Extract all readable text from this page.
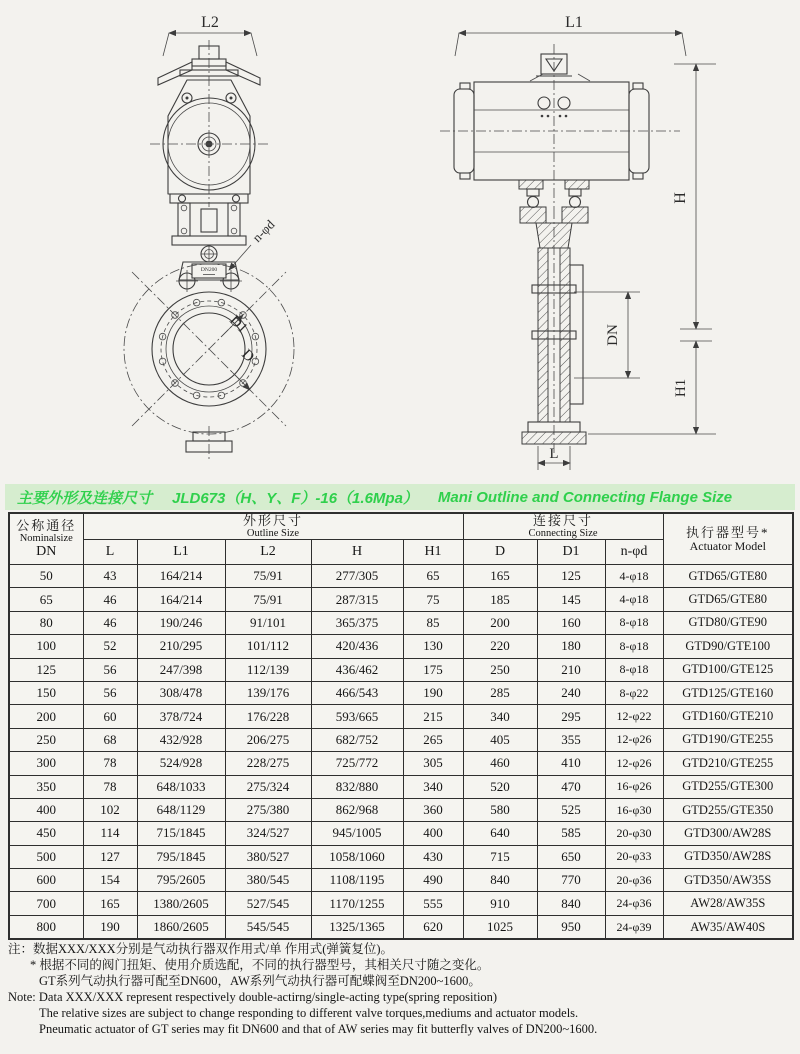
L2
DN200
D1
D
n-φd
L1
DN
H
H1
L
主要外形及连接尺寸 JLD673（H、Y、F）-16（1.6Mpa） Mani Outline and Connecting Flange Size
公称通径
Nominalsize
DN

外形尺寸
Outline Size

连接尺寸
Connecting Size	执行器型号*
Actuator Model

	L	L1	L2	H	H1	D	D1	n-φd	
50	43	164/214	75/91	277/305	65	165	125	4-φ18	GTD65/GTE80
65	46	164/214	75/91	287/315	75	185	145	4-φ18	GTD65/GTE80
80	46	190/246	91/101	365/375	85	200	160	8-φ18	GTD80/GTE90
100	52	210/295	101/112	420/436	130	220	180	8-φ18	GTD90/GTE100
125	56	247/398	112/139	436/462	175	250	210	8-φ18	GTD100/GTE125
150	56	308/478	139/176	466/543	190	285	240	8-φ22	GTD125/GTE160
200	60	378/724	176/228	593/665	215	340	295	12-φ22	GTD160/GTE210
250	68	432/928	206/275	682/752	265	405	355	12-φ26	GTD190/GTE255
300	78	524/928	228/275	725/772	305	460	410	12-φ26	GTD210/GTE255
350	78	648/1033	275/324	832/880	340	520	470	16-φ26	GTD255/GTE300
400	102	648/1129	275/380	862/968	360	580	525	16-φ30	GTD255/GTE350
450	114	715/1845	324/527	945/1005	400	640	585	20-φ30	GTD300/AW28S
500	127	795/1845	380/527	1058/1060	430	715	650	20-φ33	GTD350/AW28S
600	154	795/2605	380/545	1108/1195	490	840	770	20-φ36	GTD350/AW35S
700	165	1380/2605	527/545	1170/1255	555	910	840	24-φ36	AW28/AW35S
800	190	1860/2605	545/545	1325/1365	620	1025	950	24-φ39	AW35/AW40S
注：数据XXX/XXX分别是气动执行器双作用式/单 作用式(弹簧复位)。
* 根据不同的阀门扭矩、使用介质选配，不同的执行器型号，其相关尺寸随之变化。
GT系列气动执行器可配至DN600，AW系列气动执行器可配蝶阀至DN200~1600。
Note: Data XXX/XXX represent respectively double-actirng/single-acting type(spring reposition)
The relative sizes are subject to change responding to different valve torques,mediums and actuator models.
Pneumatic actuator of GT series may fit DN600 and that of AW series may fit butterfly valves of DN200~1600.
